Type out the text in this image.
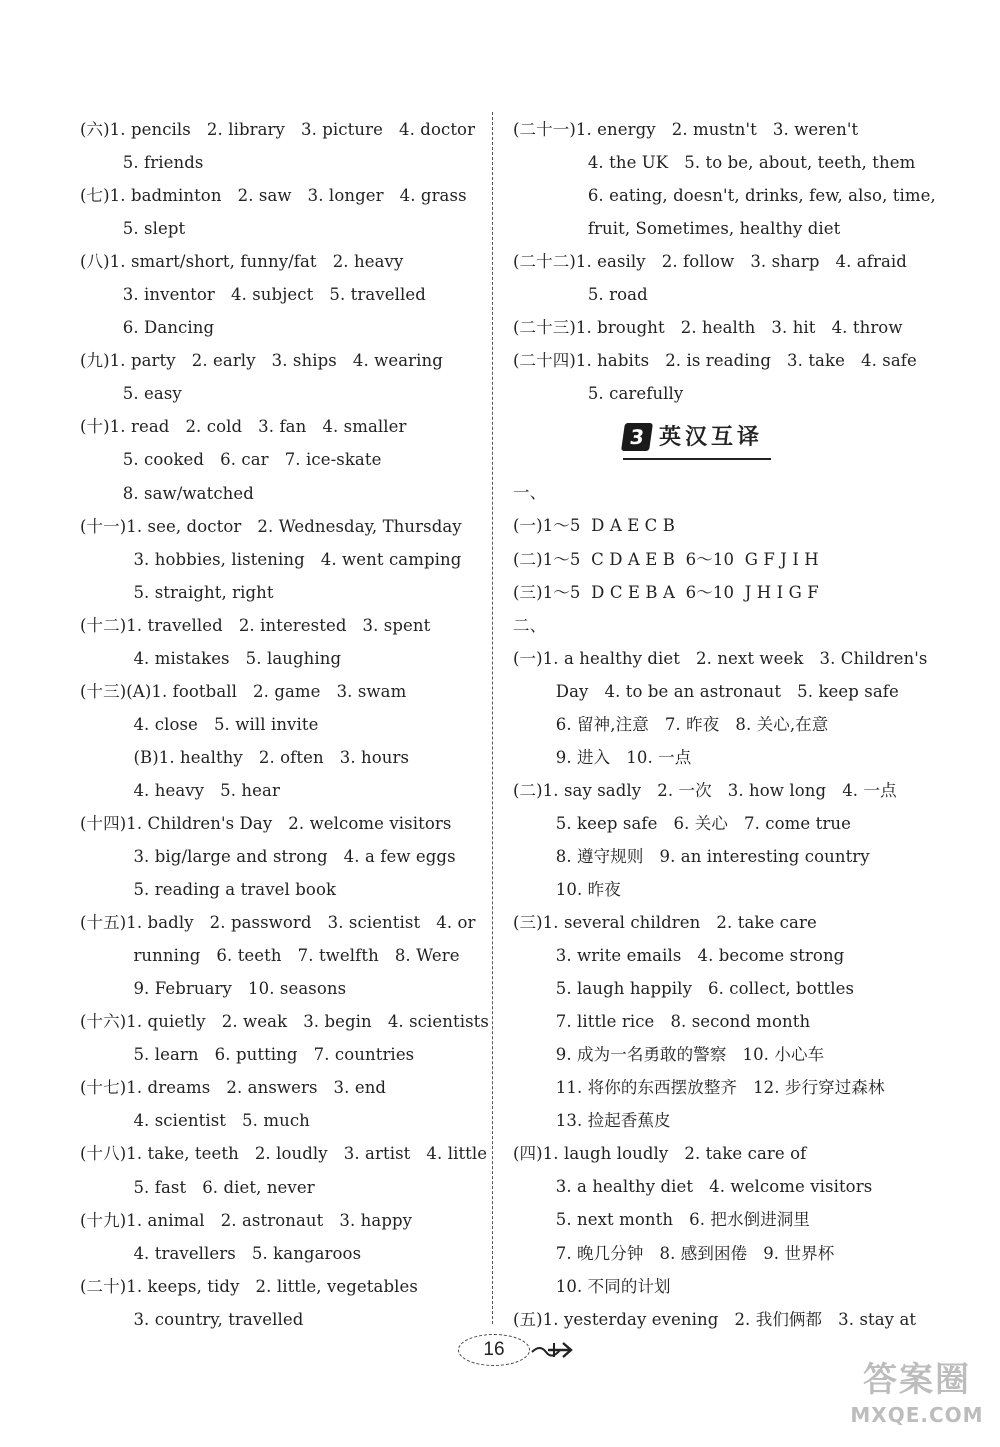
(六)1. pencils   2. library   3. picture   4. doctor
5. friends
(七)1. badminton   2. saw   3. longer   4. grass
5. slept
(八)1. smart/short, funny/fat   2. heavy
3. inventor   4. subject   5. travelled
6. Dancing
(九)1. party   2. early   3. ships   4. wearing
5. easy
(十)1. read   2. cold   3. fan   4. smaller
5. cooked   6. car   7. ice-skate
8. saw/watched
(十一)1. see, doctor   2. Wednesday, Thursday
3. hobbies, listening   4. went camping
5. straight, right
(十二)1. travelled   2. interested   3. spent
4. mistakes   5. laughing
(十三)(A)1. football   2. game   3. swam
4. close   5. will invite
(B)1. healthy   2. often   3. hours
4. heavy   5. hear
(十四)1. Children's Day   2. welcome visitors
3. big/large and strong   4. a few eggs
5. reading a travel book
(十五)1. badly   2. password   3. scientist   4. or
running   6. teeth   7. twelfth   8. Were
9. February   10. seasons
(十六)1. quietly   2. weak   3. begin   4. scientists
5. learn   6. putting   7. countries
(十七)1. dreams   2. answers   3. end
4. scientist   5. much
(十八)1. take, teeth   2. loudly   3. artist   4. little
5. fast   6. diet, never
(十九)1. animal   2. astronaut   3. happy
4. travellers   5. kangaroos
(二十)1. keeps, tidy   2. little, vegetables
3. country, travelled
(二十一)1. energy   2. mustn't   3. weren't
4. the UK   5. to be, about, teeth, them
6. eating, doesn't, drinks, few, also, time,
fruit, Sometimes, healthy diet
(二十二)1. easily   2. follow   3. sharp   4. afraid
5. road
(二十三)1. brought   2. health   3. hit   4. throw
(二十四)1. habits   2. is reading   3. take   4. safe
5. carefully

3 英汉互译

一、
(一)1～5  D A E C B
(二)1～5  C D A E B  6～10  G F J I H
(三)1～5  D C E B A  6～10  J H I G F
二、
(一)1. a healthy diet   2. next week   3. Children's
Day   4. to be an astronaut   5. keep safe
6. 留神,注意   7. 昨夜   8. 关心,在意
9. 进入   10. 一点
(二)1. say sadly   2. 一次   3. how long   4. 一点
5. keep safe   6. 关心   7. come true
8. 遵守规则   9. an interesting country
10. 昨夜
(三)1. several children   2. take care
3. write emails   4. become strong
5. laugh happily   6. collect, bottles
7. little rice   8. second month
9. 成为一名勇敢的警察   10. 小心车
11. 将你的东西摆放整齐   12. 步行穿过森林
13. 捡起香蕉皮
(四)1. laugh loudly   2. take care of
3. a healthy diet   4. welcome visitors
5. next month   6. 把水倒进洞里
7. 晚几分钟   8. 感到困倦   9. 世界杯
10. 不同的计划
(五)1. yesterday evening   2. 我们俩都   3. stay at
16
答案圈
MXQE.COM
